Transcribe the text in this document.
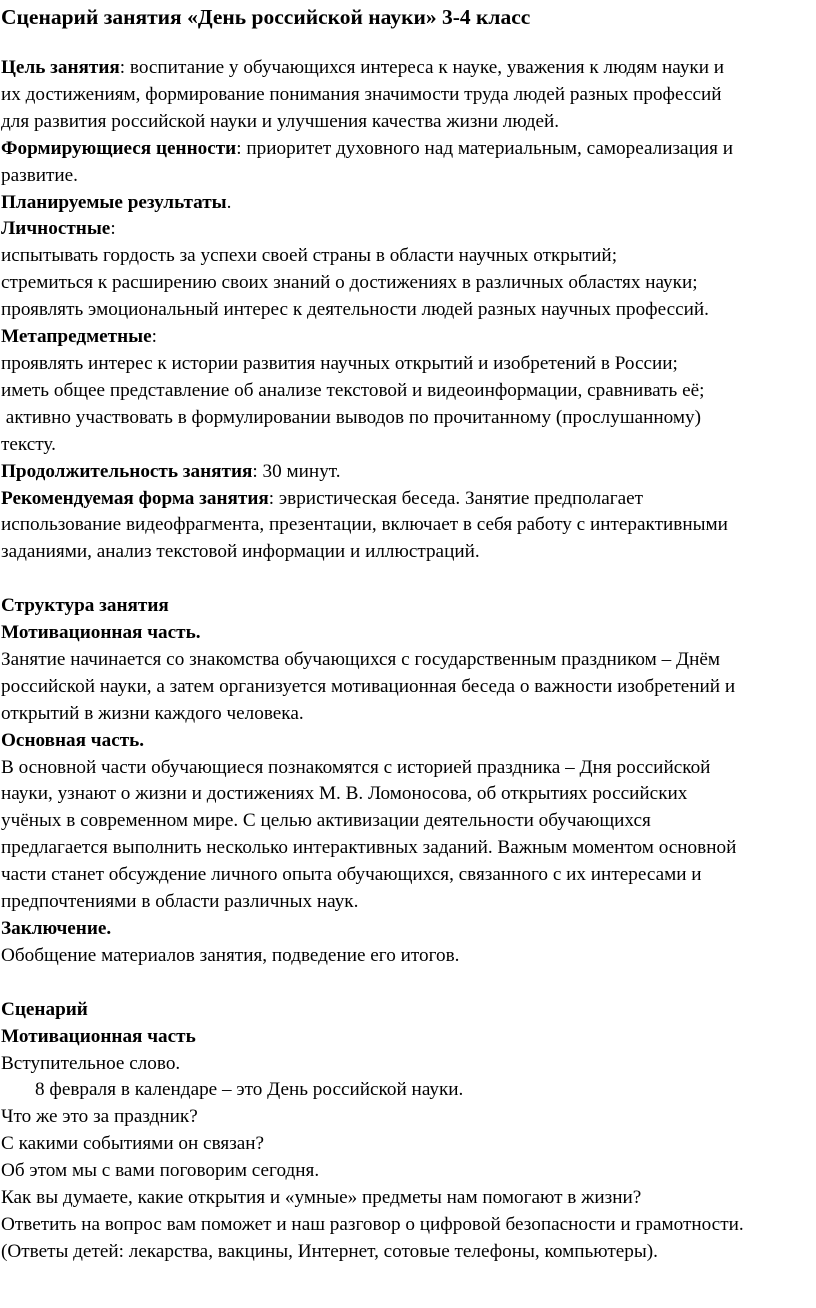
Сценарий занятия «День российской науки» 3-4 класс
Цель занятия: воспитание у обучающихся интереса к науке, уважения к людям науки и
их достижениям, формирование понимания значимости труда людей разных профессий
для развития российской науки и улучшения качества жизни людей.
Формирующиеся ценности: приоритет духовного над материальным, самореализация и
развитие.
Планируемые результаты.
Личностные:
испытывать гордость за успехи своей страны в области научных открытий;
стремиться к расширению своих знаний о достижениях в различных областях науки;
проявлять эмоциональный интерес к деятельности людей разных научных профессий.
Метапредметные:
проявлять интерес к истории развития научных открытий и изобретений в России;
иметь общее представление об анализе текстовой и видеоинформации, сравнивать её;
активно участвовать в формулировании выводов по прочитанному (прослушанному)
тексту.
Продолжительность занятия: 30 минут.
Рекомендуемая форма занятия: эвристическая беседа. Занятие предполагает
использование видеофрагмента, презентации, включает в себя работу с интерактивными
заданиями, анализ текстовой информации и иллюстраций.
Структура занятия
Мотивационная часть.
Занятие начинается со знакомства обучающихся с государственным праздником – Днём
российской науки, а затем организуется мотивационная беседа о важности изобретений и
открытий в жизни каждого человека.
Основная часть.
В основной части обучающиеся познакомятся с историей праздника – Дня российской
науки, узнают о жизни и достижениях М. В. Ломоносова, об открытиях российских
учёных в современном мире. С целью активизации деятельности обучающихся
предлагается выполнить несколько интерактивных заданий. Важным моментом основной
части станет обсуждение личного опыта обучающихся, связанного с их интересами и
предпочтениями в области различных наук.
Заключение.
Обобщение материалов занятия, подведение его итогов.
Сценарий
Мотивационная часть
Вступительное слово.
8 февраля в календаре – это День российской науки.
Что же это за праздник?
С какими событиями он связан?
Об этом мы с вами поговорим сегодня.
Как вы думаете, какие открытия и «умные» предметы нам помогают в жизни?
Ответить на вопрос вам поможет и наш разговор о цифровой безопасности и грамотности.
(Ответы детей: лекарства, вакцины, Интернет, сотовые телефоны, компьютеры).
